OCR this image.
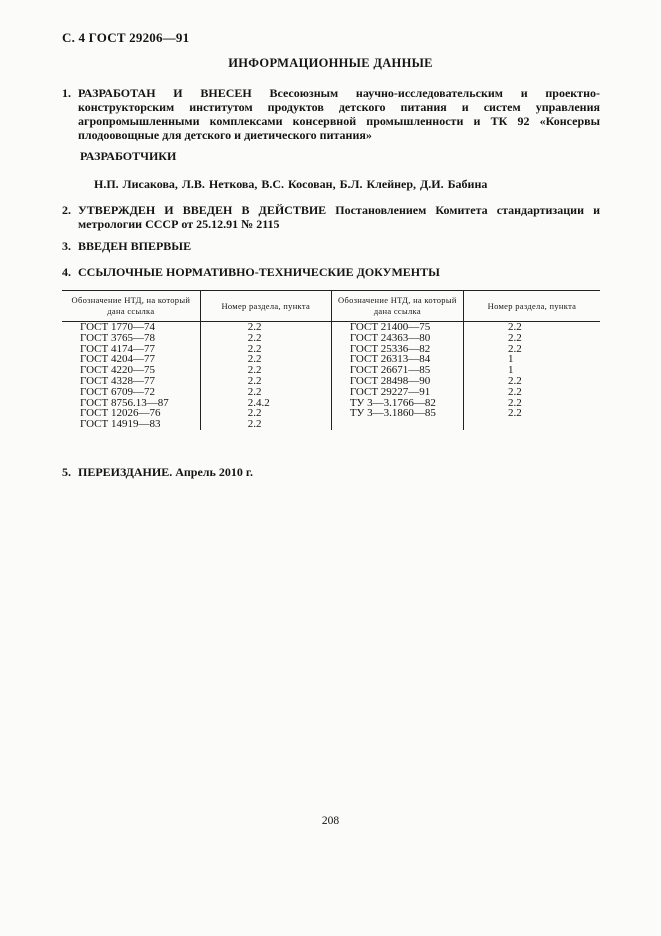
С. 4 ГОСТ 29206—91
ИНФОРМАЦИОННЫЕ ДАННЫЕ
1. РАЗРАБОТАН И ВНЕСЕН Всесоюзным научно-исследовательским и проектно-конструкторским институтом продуктов детского питания и систем управления агропромышленными комплексами консервной промышленности и ТК 92 «Консервы плодоовощные для детского и диетического питания»
РАЗРАБОТЧИКИ
Н.П. Лисакова, Л.В. Неткова, В.С. Косован, Б.Л. Клейнер, Д.И. Бабина
2. УТВЕРЖДЕН И ВВЕДЕН В ДЕЙСТВИЕ Постановлением Комитета стандартизации и метрологии СССР от 25.12.91 № 2115
3. ВВЕДЕН ВПЕРВЫЕ
4. ССЫЛОЧНЫЕ НОРМАТИВНО-ТЕХНИЧЕСКИЕ ДОКУМЕНТЫ
Обозначение НТД, на который дана ссылка	Номер раздела, пункта	Обозначение НТД, на который дана ссылка	Номер раздела, пункта
ГОСТ 1770—74	2.2	ГОСТ 21400—75	2.2
ГОСТ 3765—78	2.2	ГОСТ 24363—80	2.2
ГОСТ 4174—77	2.2	ГОСТ 25336—82	2.2
ГОСТ 4204—77	2.2	ГОСТ 26313—84	1
ГОСТ 4220—75	2.2	ГОСТ 26671—85	1
ГОСТ 4328—77	2.2	ГОСТ 28498—90	2.2
ГОСТ 6709—72	2.2	ГОСТ 29227—91	2.2
ГОСТ 8756.13—87	2.4.2	ТУ 3—3.1766—82	2.2
ГОСТ 12026—76	2.2	ТУ 3—3.1860—85	2.2
ГОСТ 14919—83	2.2		
5. ПЕРЕИЗДАНИЕ. Апрель 2010 г.
208
